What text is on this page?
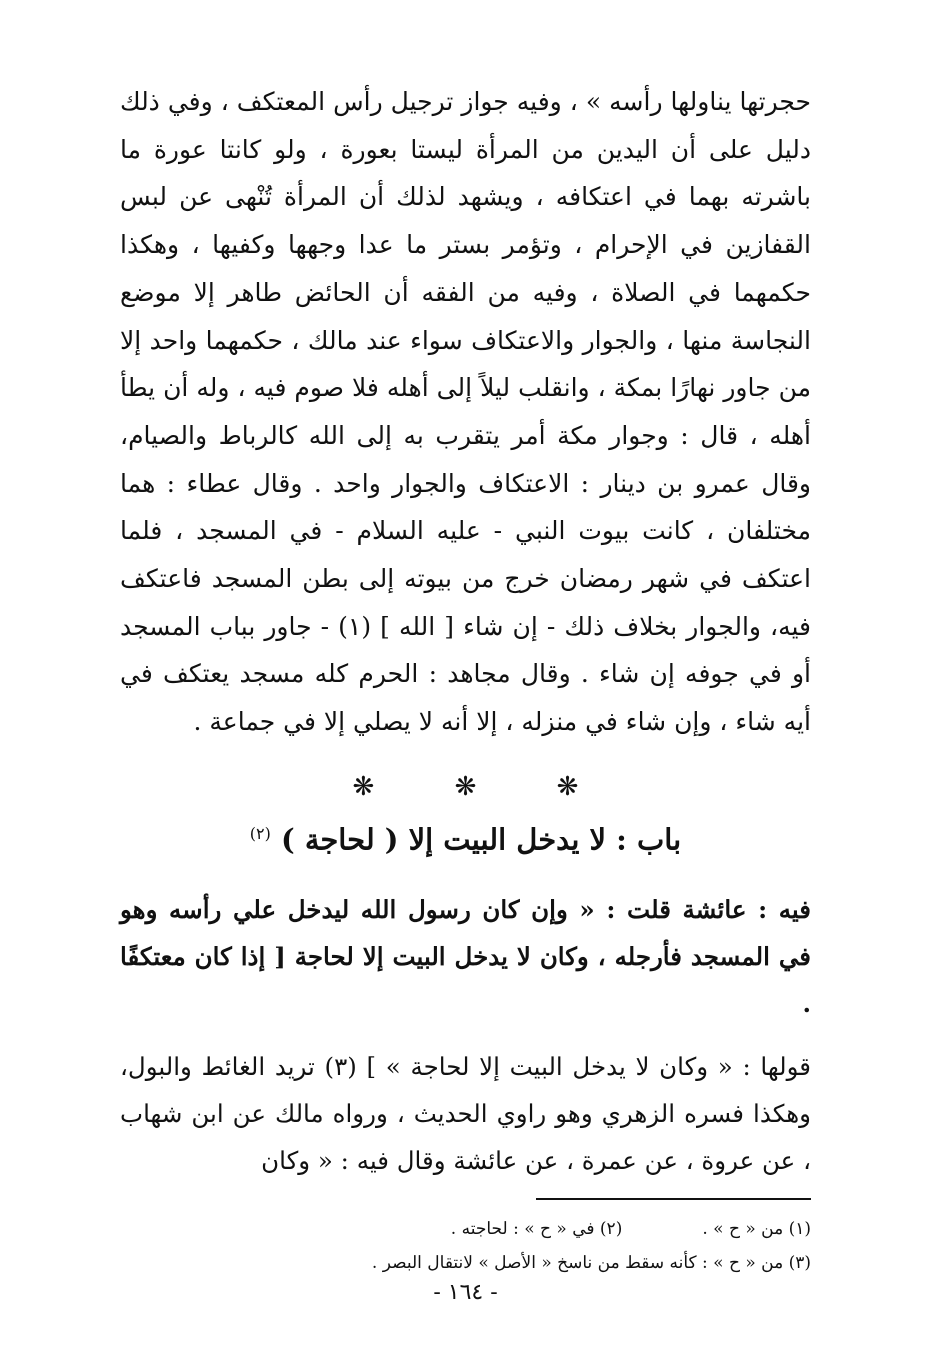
حجرتها يناولها رأسه » ، وفيه جواز ترجيل رأس المعتكف ، وفي ذلك دليل على أن اليدين من المرأة ليستا بعورة ، ولو كانتا عورة ما باشرته بهما في اعتكافه ، ويشهد لذلك أن المرأة تُنْهى عن لبس القفازين في الإحرام ، وتؤمر بستر ما عدا وجهها وكفيها ، وهكذا حكمهما في الصلاة ، وفيه من الفقه أن الحائض طاهر إلا موضع النجاسة منها ، والجوار والاعتكاف سواء عند مالك ، حكمهما واحد إلا من جاور نهارًا بمكة ، وانقلب ليلاً إلى أهله فلا صوم فيه ، وله أن يطأ أهله ، قال : وجوار مكة أمر يتقرب به إلى الله كالرباط والصيام، وقال عمرو بن دينار : الاعتكاف والجوار واحد . وقال عطاء : هما مختلفان ، كانت بيوت النبي - عليه السلام - في المسجد ، فلما اعتكف في شهر رمضان خرج من بيوته إلى بطن المسجد فاعتكف فيه، والجوار بخلاف ذلك - إن شاء [ الله ] (١) - جاور بباب المسجد أو في جوفه إن شاء . وقال مجاهد : الحرم كله مسجد يعتكف في أيه شاء ، وإن شاء في منزله ، إلا أنه لا يصلي إلا في جماعة .

❋ ❋ ❋
باب : لا يدخل البيت إلا ( لحاجة ) $^{(٢)}$

فيه : عائشة قلت : « وإن كان رسول الله ليدخل علي رأسه وهو في المسجد فأرجله ، وكان لا يدخل البيت إلا لحاجة [ إذا كان معتكفًا .

قولها : « وكان لا يدخل البيت إلا لحاجة » ] (٣) تريد الغائط والبول، وهكذا فسره الزهري وهو راوي الحديث ، ورواه مالك عن ابن شهاب ، عن عروة ، عن عمرة ، عن عائشة وقال فيه : « وكان

(١) من « ح » .
(٢) في « ح » : لحاجته .
(٣) من « ح » : كأنه سقط من ناسخ « الأصل » لانتقال البصر .
- ١٦٤ -
